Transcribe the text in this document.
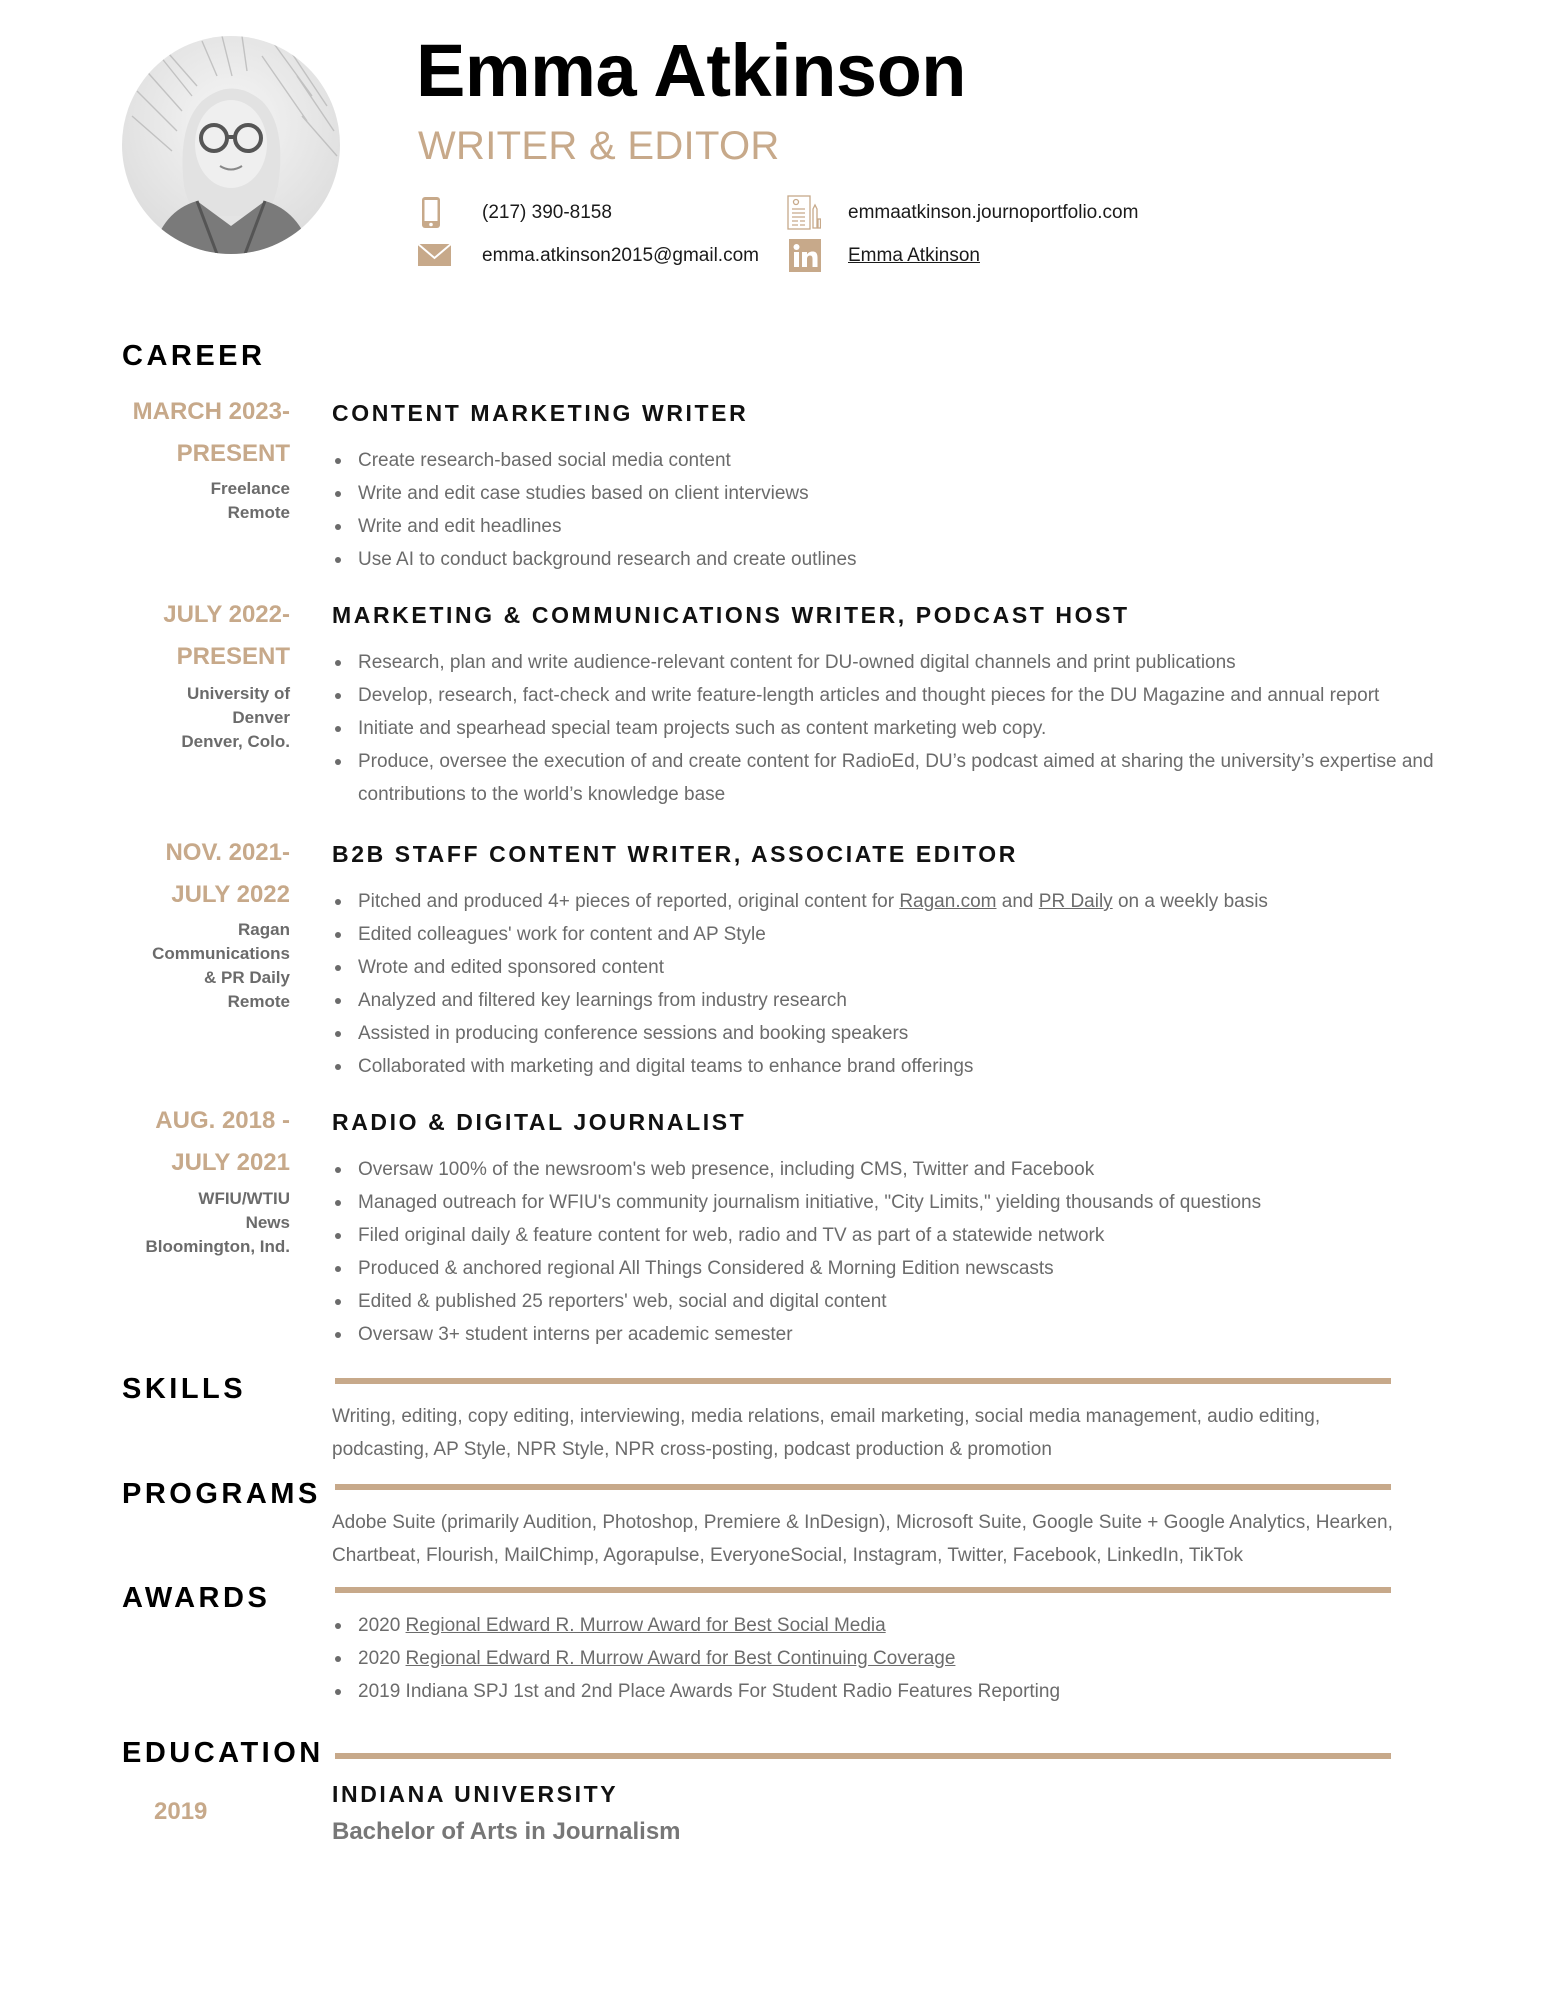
Emma Atkinson
WRITER & EDITOR
(217) 390-8158	emmaatkinson.journoportfolio.com
emma.atkinson2015@gmail.com	Emma Atkinson
CAREER
MARCH 2023-
PRESENT
Freelance
Remote
CONTENT MARKETING WRITER
Create research-based social media content
Write and edit case studies based on client interviews
Write and edit headlines
Use AI to conduct background research and create outlines
JULY 2022-
PRESENT
University of
Denver
Denver, Colo.
MARKETING & COMMUNICATIONS WRITER, PODCAST HOST
Research, plan and write audience-relevant content for DU-owned digital channels and print publications
Develop, research, fact-check and write feature-length articles and thought pieces for the DU Magazine and annual report
Initiate and spearhead special team projects such as content marketing web copy.
Produce, oversee the execution of and create content for RadioEd, DU’s podcast aimed at sharing the university’s expertise and contributions to the world’s knowledge base
NOV. 2021-
JULY 2022
Ragan
Communications
& PR Daily
Remote
B2B STAFF CONTENT WRITER, ASSOCIATE EDITOR
Pitched and produced 4+ pieces of reported, original content for Ragan.com and PR Daily on a weekly basis
Edited colleagues' work for content and AP Style
Wrote and edited sponsored content
Analyzed and filtered key learnings from industry research
Assisted in producing conference sessions and booking speakers
Collaborated with marketing and digital teams to enhance brand offerings
AUG. 2018 -
JULY 2021
WFIU/WTIU
News
Bloomington, Ind.
RADIO & DIGITAL JOURNALIST
Oversaw 100% of the newsroom's web presence, including CMS, Twitter and Facebook
Managed outreach for WFIU's community journalism initiative, "City Limits," yielding thousands of questions
Filed original daily & feature content for web, radio and TV as part of a statewide network
Produced & anchored regional All Things Considered & Morning Edition newscasts
Edited & published 25 reporters' web, social and digital content
Oversaw 3+ student interns per academic semester
SKILLS
Writing, editing, copy editing, interviewing, media relations, email marketing, social media management, audio editing, podcasting, AP Style, NPR Style, NPR cross-posting, podcast production & promotion
PROGRAMS
Adobe Suite (primarily Audition, Photoshop, Premiere & InDesign), Microsoft Suite, Google Suite + Google Analytics, Hearken, Chartbeat, Flourish, MailChimp, Agorapulse, EveryoneSocial, Instagram, Twitter, Facebook, LinkedIn, TikTok
AWARDS
2020 Regional Edward R. Murrow Award for Best Social Media
2020 Regional Edward R. Murrow Award for Best Continuing Coverage
2019 Indiana SPJ 1st and 2nd Place Awards For Student Radio Features Reporting
EDUCATION
2019
INDIANA UNIVERSITY
Bachelor of Arts in Journalism
